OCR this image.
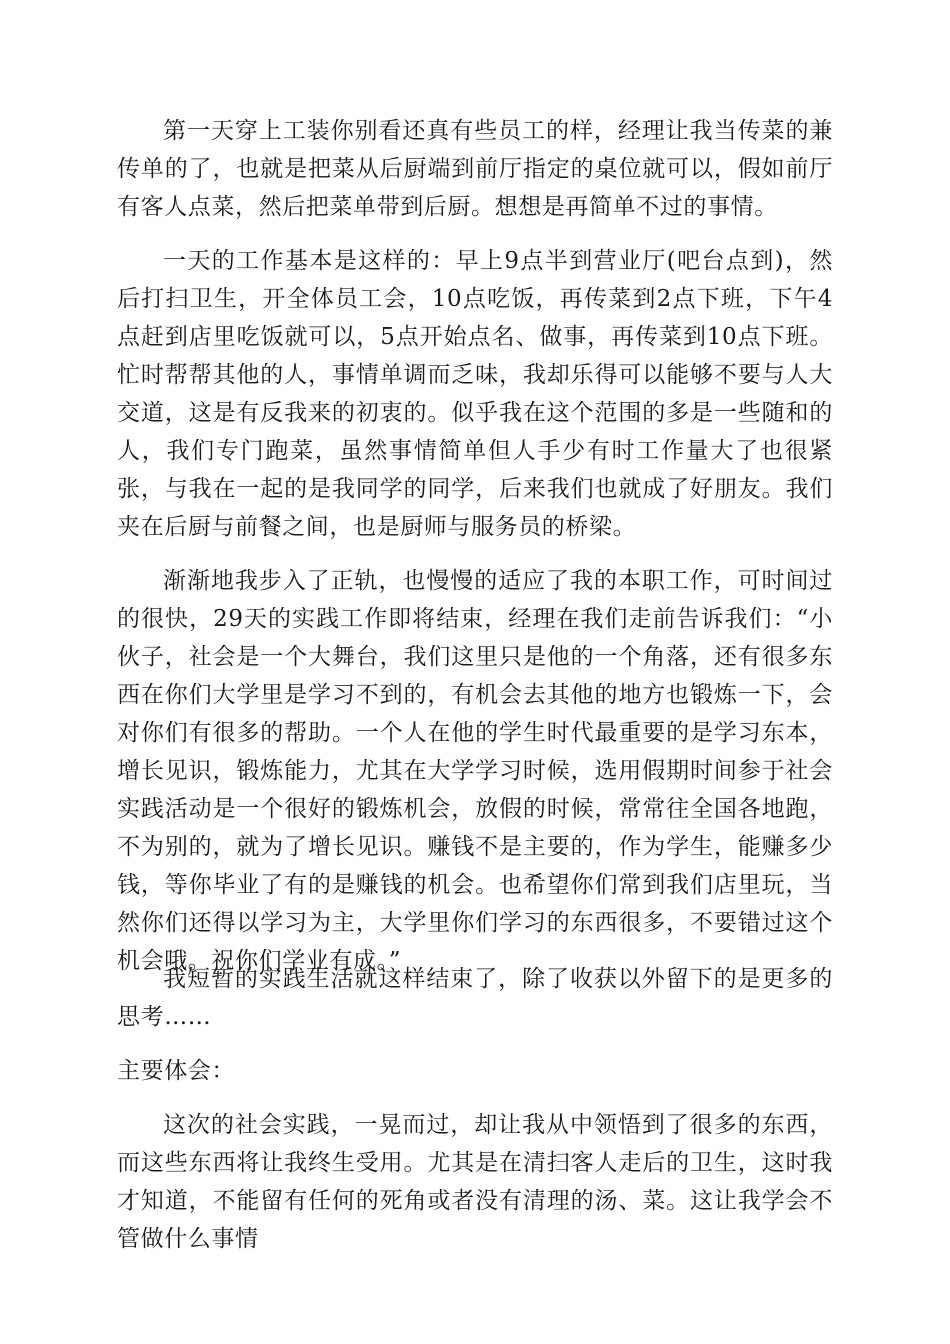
第一天穿上工装你别看还真有些员工的样，经理让我当传菜的兼传单的了，也就是把菜从后厨端到前厅指定的桌位就可以，假如前厅有客人点菜，然后把菜单带到后厨。想想是再简单不过的事情。

一天的工作基本是这样的：早上9点半到营业厅(吧台点到)，然后打扫卫生，开全体员工会，10点吃饭，再传菜到2点下班，下午4点赶到店里吃饭就可以，5点开始点名、做事，再传菜到10点下班。忙时帮帮其他的人，事情单调而乏味，我却乐得可以能够不要与人大交道，这是有反我来的初衷的。似乎我在这个范围的多是一些随和的人，我们专门跑菜，虽然事情简单但人手少有时工作量大了也很紧张，与我在一起的是我同学的同学，后来我们也就成了好朋友。我们夹在后厨与前餐之间，也是厨师与服务员的桥梁。

渐渐地我步入了正轨，也慢慢的适应了我的本职工作，可时间过的很快，29天的实践工作即将结束，经理在我们走前告诉我们：“小伙子，社会是一个大舞台，我们这里只是他的一个角落，还有很多东西在你们大学里是学习不到的，有机会去其他的地方也锻炼一下，会对你们有很多的帮助。一个人在他的学生时代最重要的是学习东本，增长见识，锻炼能力，尤其在大学学习时候，选用假期时间参于社会实践活动是一个很好的锻炼机会，放假的时候，常常往全国各地跑，不为别的，就为了增长见识。赚钱不是主要的，作为学生，能赚多少钱，等你毕业了有的是赚钱的机会。也希望你们常到我们店里玩，当然你们还得以学习为主，大学里你们学习的东西很多，不要错过这个机会哦。祝你们学业有成。”

我短暂的实践生活就这样结束了，除了收获以外留下的是更多的思考……

主要体会：

这次的社会实践，一晃而过，却让我从中领悟到了很多的东西，而这些东西将让我终生受用。尤其是在清扫客人走后的卫生，这时我才知道，不能留有任何的死角或者没有清理的汤、菜。这让我学会不管做什么事情
